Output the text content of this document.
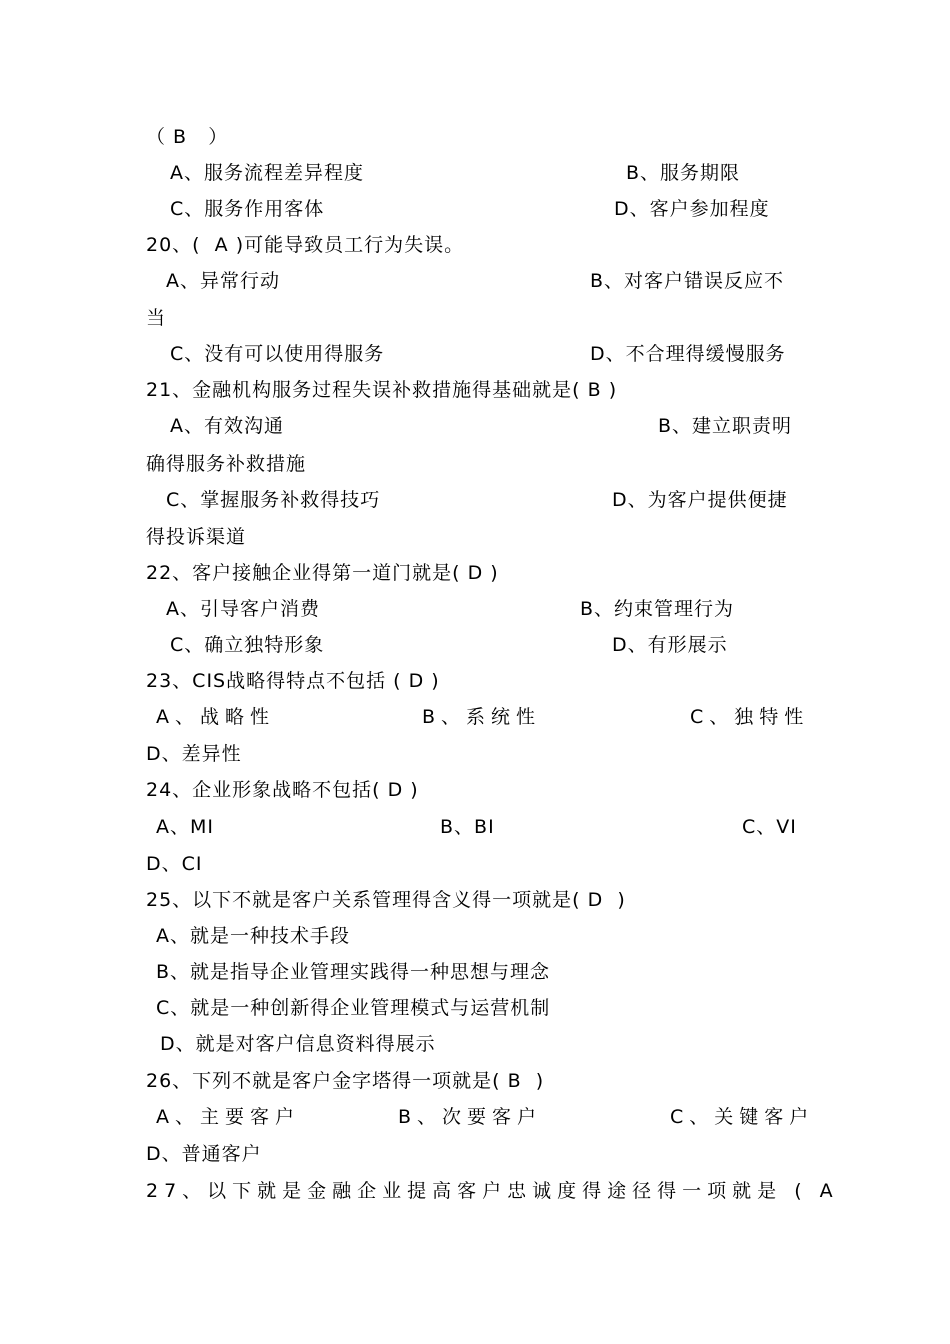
（ B   ）
A、服务流程差异程度	B、服务期限
C、服务作用客体	D、客户参加程度
20、(  A )可能导致员工行为失误。
A、异常行动	B、对客户错误反应不
当
C、没有可以使用得服务	D、不合理得缓慢服务
21、金融机构服务过程失误补救措施得基础就是( B )
A、有效沟通	B、建立职责明
确得服务补救措施
C、掌握服务补救得技巧	D、为客户提供便捷
得投诉渠道
22、客户接触企业得第一道门就是( D )
A、引导客户消费	B、约束管理行为
C、确立独特形象	D、有形展示
23、CIS战略得特点不包括 ( D )
A、战略性	B、系统性	C、独特性
D、差异性
24、企业形象战略不包括( D )
A、MI	B、BI	C、VI
D、CI
25、以下不就是客户关系管理得含义得一项就是( D  )
A、就是一种技术手段
B、就是指导企业管理实践得一种思想与理念
C、就是一种创新得企业管理模式与运营机制
D、就是对客户信息资料得展示
26、下列不就是客户金字塔得一项就是( B  )
A、主要客户	B、次要客户	C、关键客户
D、普通客户
27、以下就是金融企业提高客户忠诚度得途径得一项就是 ( A
